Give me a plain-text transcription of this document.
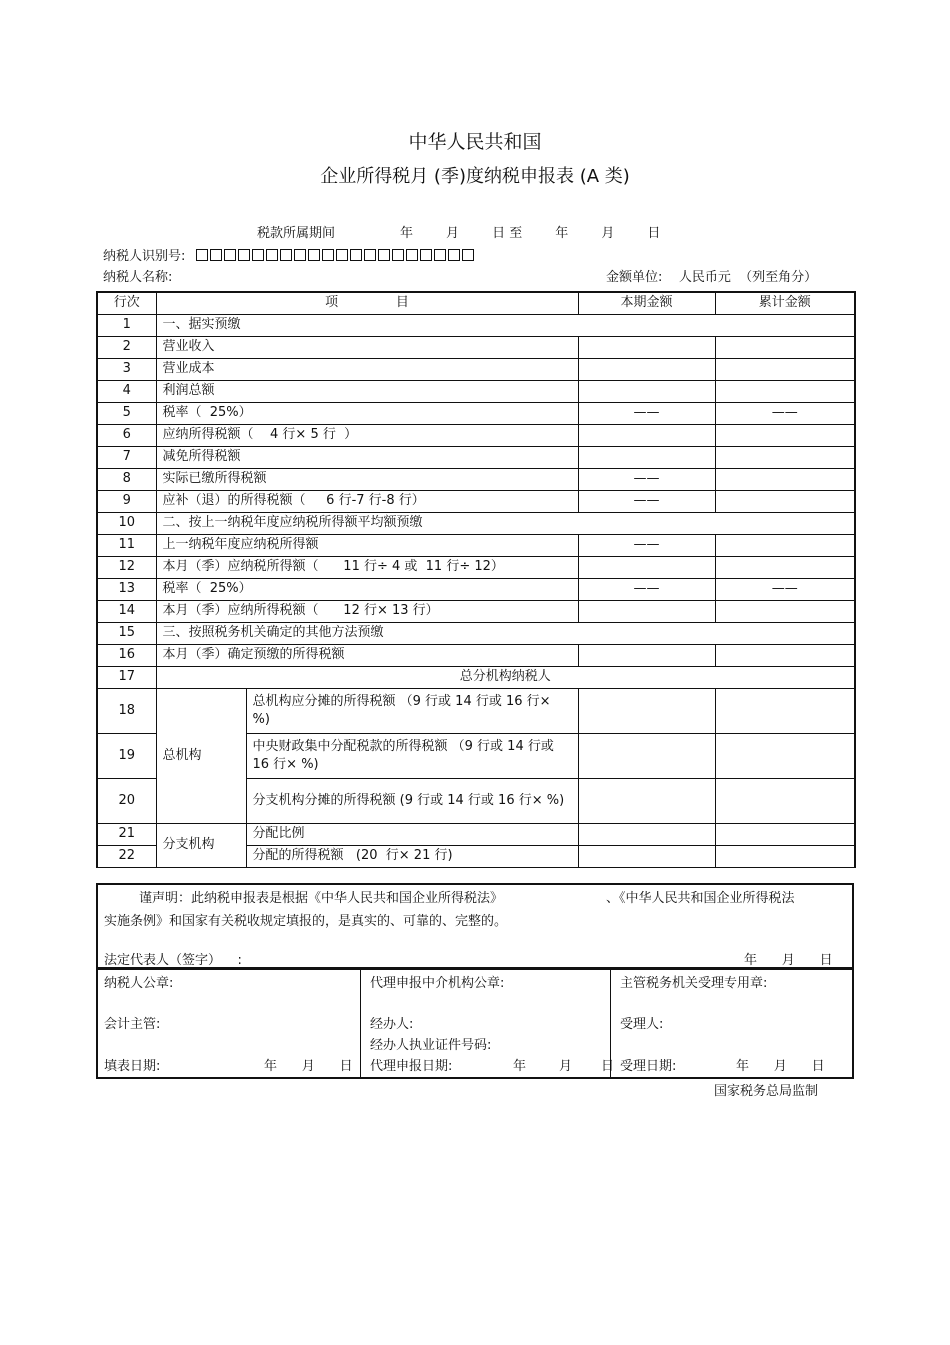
中华人民共和国
企业所得税月 (季)度纳税申报表 (A 类)
税款所属期间	年        月        日 至        年        月        日
纳税人识别号:
纳税人名称:	金额单位:    人民币元  （列至角分）
行次	项              目		本期金额	累计金额
1	一、据实预缴			
2	营业收入			
3	营业成本			
4	利润总额			
5	税率（  25%）		——	——
6	应纳所得税额（    4 行× 5 行  ）			
7	减免所得税额			
8	实际已缴所得税额		——	
9	应补（退）的所得税额（     6 行-7 行-8 行）		——	
10	二、按上一纳税年度应纳税所得额平均额预缴			
11	上一纳税年度应纳税所得额		——	
12	本月（季）应纳税所得额（      11 行÷ 4 或  11 行÷ 12）			
13	税率（  25%）		——	——
14	本月（季）应纳所得税额（      12 行× 13 行）			
15	三、按照税务机关确定的其他方法预缴			
16	本月（季）确定预缴的所得税额			
17	总分机构纳税人			
18	总机构	总机构应分摊的所得税额 （9 行或 14 行或 16 行× %)		
19		中央财政集中分配税款的所得税额 （9 行或 14 行或 16 行× %)		
20		分支机构分摊的所得税额 (9 行或 14 行或 16 行× %)		
21	分支机构	分配比例		
22		分配的所得税额   (20  行× 21 行)		
谨声明：此纳税申报表是根据《中华人民共和国企业所得税法》	、《中华人民共和国企业所得税法
实施条例》和国家有关税收规定填报的，是真实的、可靠的、完整的。
法定代表人（签字）    :	年      月      日
纳税人公章:
会计主管:
填表日期:	年      月      日
代理申报中介机构公章:
经办人:
经办人执业证件号码:
代理申报日期:	年        月       日
主管税务机关受理专用章:
受理人:
受理日期:	年      月      日
国家税务总局监制
